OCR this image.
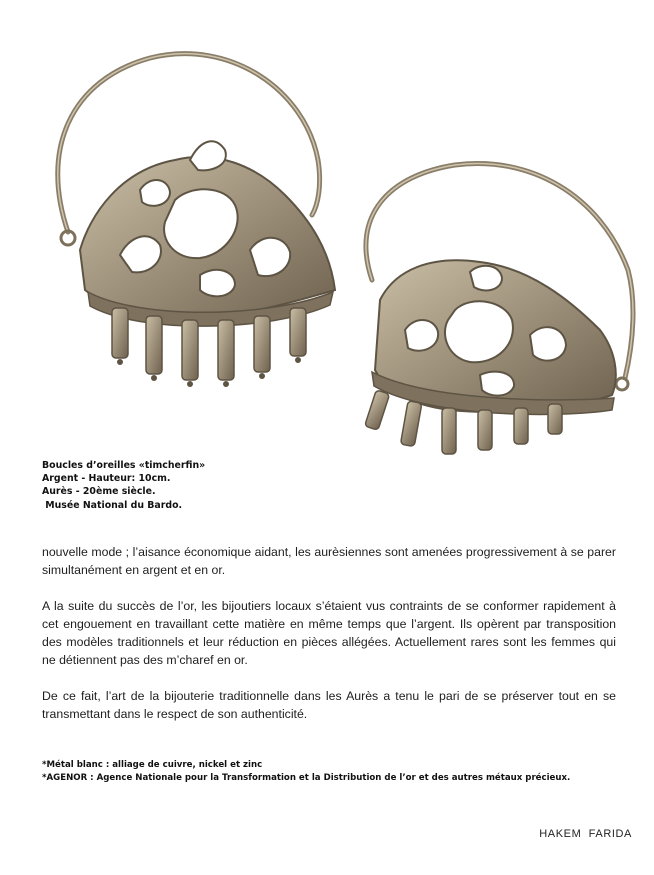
Boucles d’oreilles «timcherfin»
Argent - Hauteur: 10cm.
Aurès - 20ème siècle.
Musée National du Bardo.

nouvelle mode ; l’aisance économique aidant, les aurèsiennes sont amenées progressivement à se parer simultanément en argent et en or.

A la suite du succès de l’or, les bijoutiers locaux s’étaient vus contraints de se conformer rapidement à cet engouement en travaillant cette matière en même temps que l’argent. Ils opèrent par transposition des modèles traditionnels et leur réduction en pièces allégées. Actuellement rares sont les femmes qui ne détiennent pas des m’charef en or.

De ce fait, l’art de la bijouterie traditionnelle dans les Aurès a tenu le pari de se préserver tout en se transmettant dans le respect de son authenticité.

*Métal blanc : alliage de cuivre, nickel et zinc
*AGENOR : Agence Nationale pour la Transformation et la Distribution de l’or et des autres métaux précieux.
HAKEM  FARIDA
